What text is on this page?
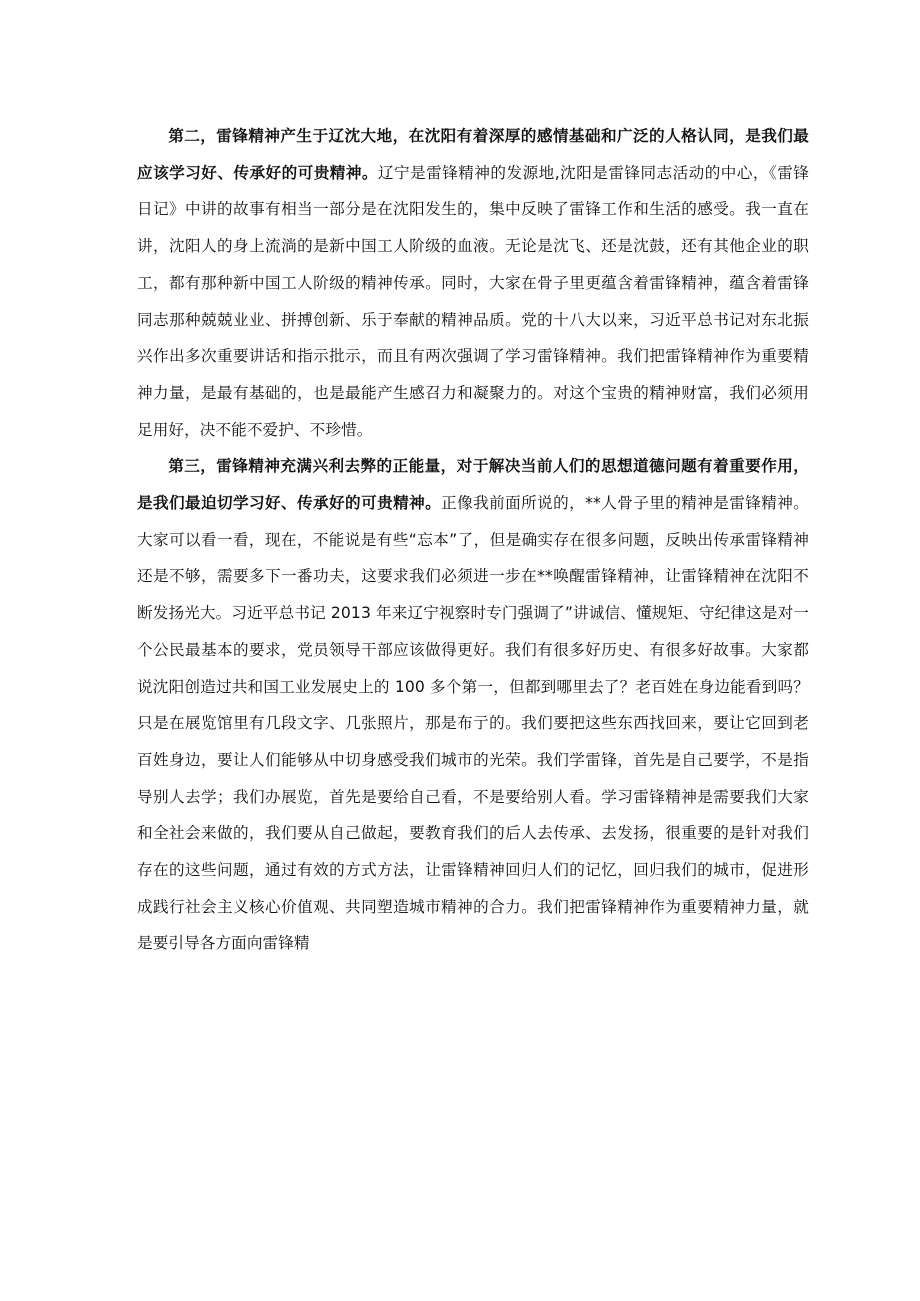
第二，雷锋精神产生于辽沈大地，在沈阳有着深厚的感情基础和广泛的人格认同，是我们最应该学习好、传承好的可贵精神。辽宁是雷锋精神的发源地,沈阳是雷锋同志活动的中心，《雷锋日记》中讲的故事有相当一部分是在沈阳发生的，集中反映了雷锋工作和生活的感受。我一直在讲，沈阳人的身上流淌的是新中国工人阶级的血液。无论是沈飞、还是沈鼓，还有其他企业的职工，都有那种新中国工人阶级的精神传承。同时，大家在骨子里更蕴含着雷锋精神，蕴含着雷锋同志那种兢兢业业、拼搏创新、乐于奉献的精神品质。党的十八大以来，习近平总书记对东北振兴作出多次重要讲话和指示批示，而且有两次强调了学习雷锋精神。我们把雷锋精神作为重要精神力量，是最有基础的，也是最能产生感召力和凝聚力的。对这个宝贵的精神财富，我们必须用足用好，决不能不爱护、不珍惜。

第三，雷锋精神充满兴利去弊的正能量，对于解决当前人们的思想道德问题有着重要作用，是我们最迫切学习好、传承好的可贵精神。正像我前面所说的，**人骨子里的精神是雷锋精神。大家可以看一看，现在，不能说是有些“忘本”了，但是确实存在很多问题，反映出传承雷锋精神还是不够，需要多下一番功夫，这要求我们必须进一步在**唤醒雷锋精神，让雷锋精神在沈阳不断发扬光大。习近平总书记 2013 年来辽宁视察时专门强调了”讲诚信、懂规矩、守纪律这是对一个公民最基本的要求，党员领导干部应该做得更好。我们有很多好历史、有很多好故事。大家都说沈阳创造过共和国工业发展史上的 100 多个第一，但都到哪里去了？老百姓在身边能看到吗？只是在展览馆里有几段文字、几张照片，那是布亍的。我们要把这些东西找回来，要让它回到老百姓身边，要让人们能够从中切身感受我们城市的光荣。我们学雷锋，首先是自己要学，不是指导别人去学；我们办展览，首先是要给自己看，不是要给别人看。学习雷锋精神是需要我们大家和全社会来做的，我们要从自己做起，要教育我们的后人去传承、去发扬，很重要的是针对我们存在的这些问题，通过有效的方式方法，让雷锋精神回归人们的记忆，回归我们的城市，促进形成践行社会主义核心价值观、共同塑造城市精神的合力。我们把雷锋精神作为重要精神力量，就是要引导各方面向雷锋精
